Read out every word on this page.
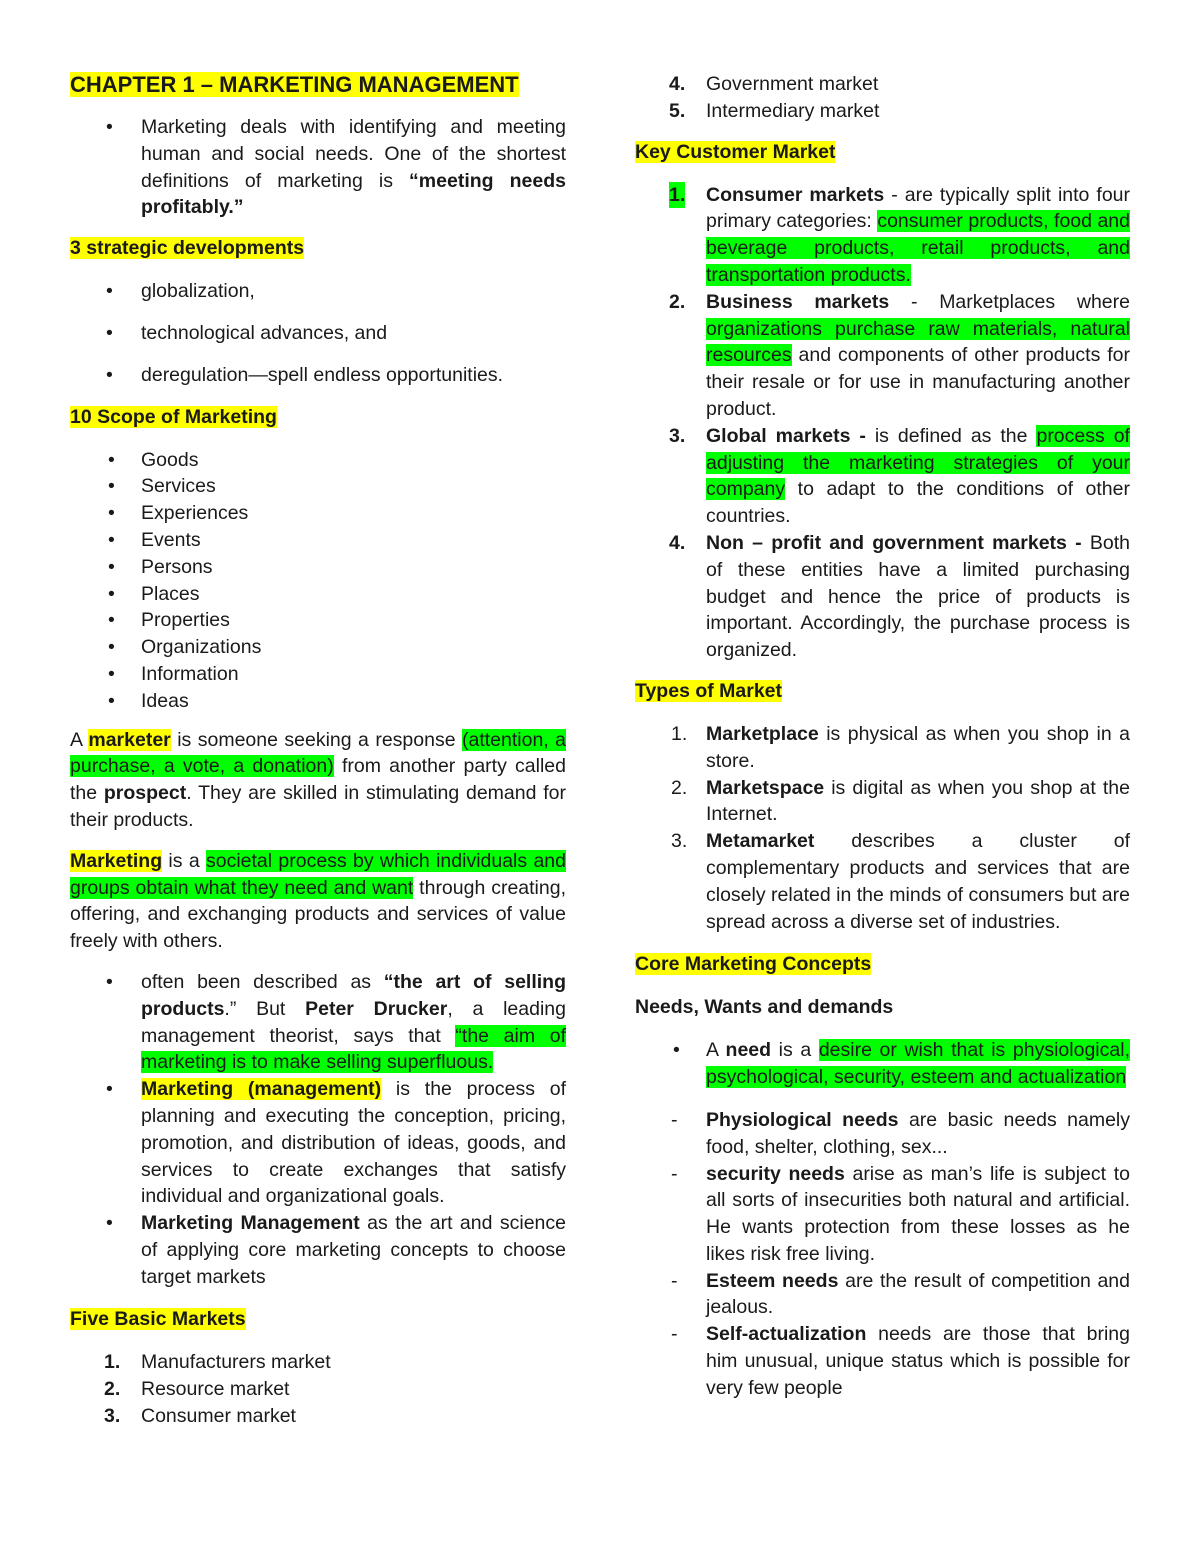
CHAPTER 1 – MARKETING MANAGEMENT
• Marketing deals with identifying and meeting human and social needs. One of the shortest definitions of marketing is “meeting needs profitably.”
3 strategic developments
• globalization,
• technological advances, and
• deregulation—spell endless opportunities.
10 Scope of Marketing
• Goods
• Services
• Experiences
• Events
• Persons
• Places
• Properties
• Organizations
• Information
• Ideas
A marketer is someone seeking a response (attention, a purchase, a vote, a donation) from another party called the prospect. They are skilled in stimulating demand for their products.
Marketing is a societal process by which individuals and groups obtain what they need and want through creating, offering, and exchanging products and services of value freely with others.
• often been described as “the art of selling products.” But Peter Drucker, a leading management theorist, says that “the aim of marketing is to make selling superfluous.
• Marketing (management) is the process of planning and executing the conception, pricing, promotion, and distribution of ideas, goods, and services to create exchanges that satisfy individual and organizational goals.
• Marketing Management as the art and science of applying core marketing concepts to choose target markets
Five Basic Markets
1. Manufacturers market
2. Resource market
3. Consumer market
4. Government market
5. Intermediary market
Key Customer Market
1. Consumer markets - are typically split into four primary categories: consumer products, food and beverage products, retail products, and transportation products.
2. Business markets - Marketplaces where organizations purchase raw materials, natural resources and components of other products for their resale or for use in manufacturing another product.
3. Global markets - is defined as the process of adjusting the marketing strategies of your company to adapt to the conditions of other countries.
4. Non – profit and government markets - Both of these entities have a limited purchasing budget and hence the price of products is important. Accordingly, the purchase process is organized.
Types of Market
1. Marketplace is physical as when you shop in a store.
2. Marketspace is digital as when you shop at the Internet.
3. Metamarket describes a cluster of complementary products and services that are closely related in the minds of consumers but are spread across a diverse set of industries.
Core Marketing Concepts
Needs, Wants and demands
• A need is a desire or wish that is physiological, psychological, security, esteem and actualization
- Physiological needs are basic needs namely food, shelter, clothing, sex...
- security needs arise as man’s life is subject to all sorts of insecurities both natural and artificial. He wants protection from these losses as he likes risk free living.
- Esteem needs are the result of competition and jealous.
- Self-actualization needs are those that bring him unusual, unique status which is possible for very few people
